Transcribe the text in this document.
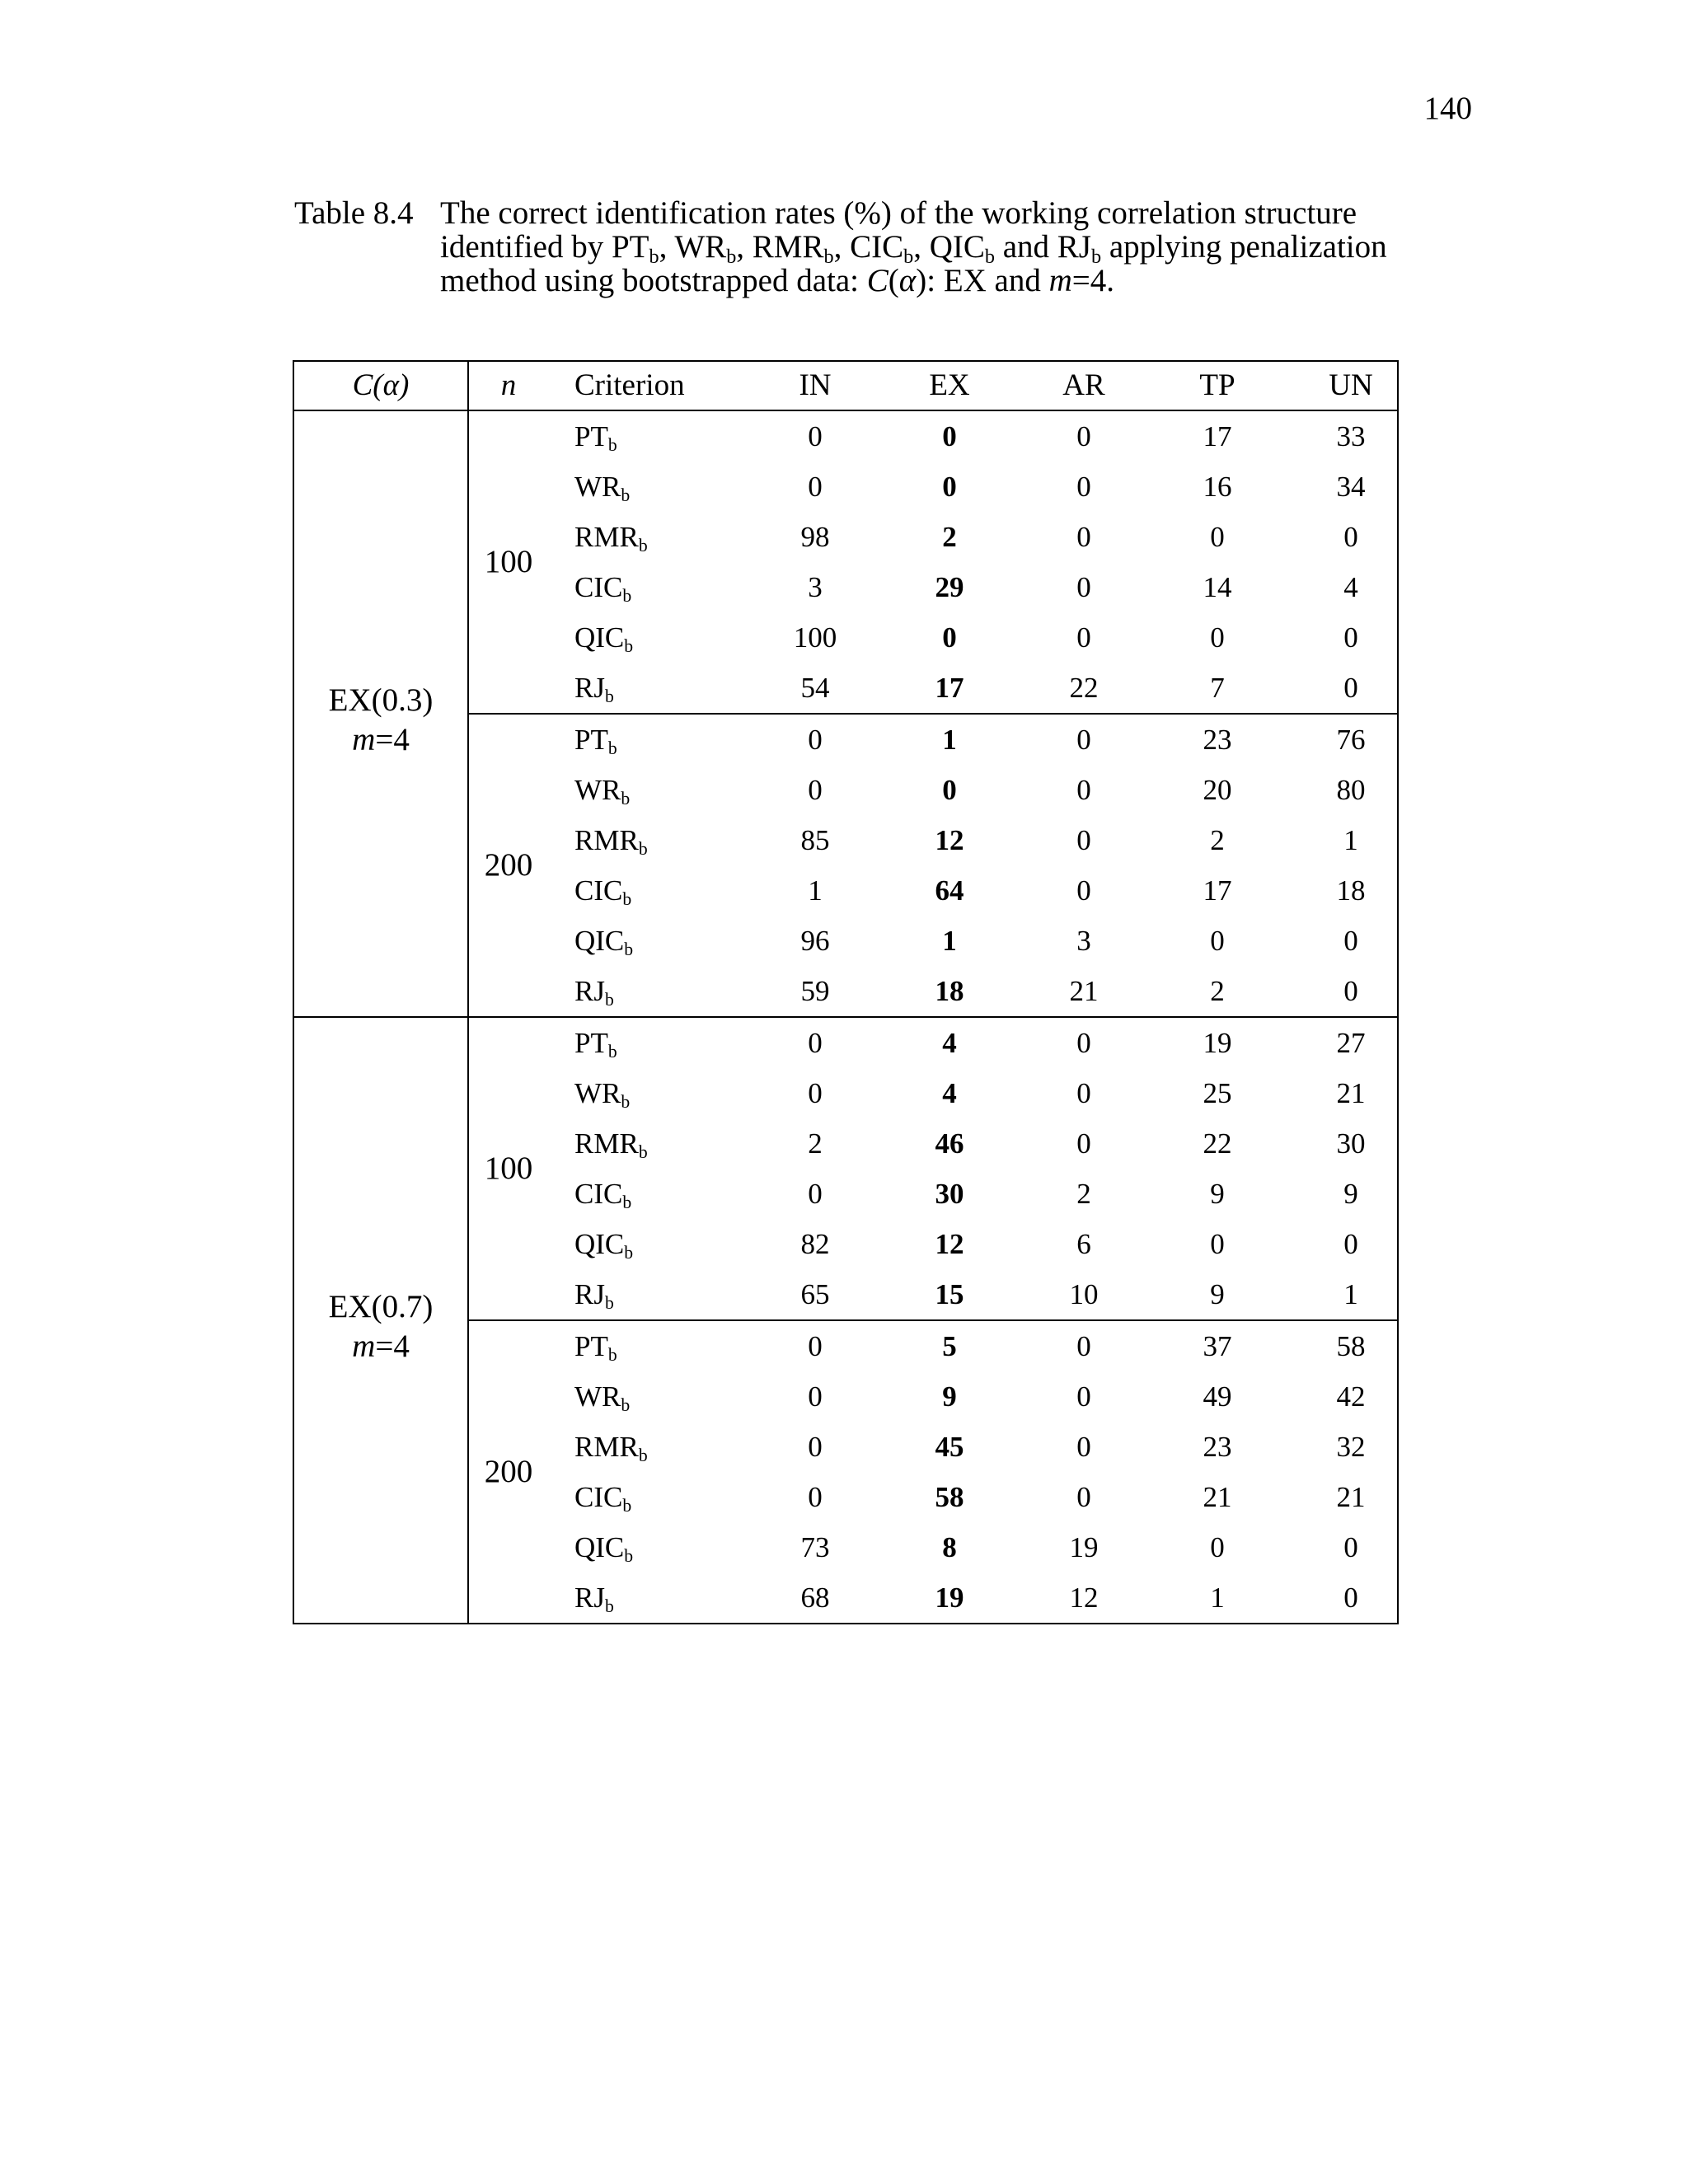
140
Table 8.4 The correct identification rates (%) of the working correlation structure
identified by $PT_b$, $WR_b$, $RMR_b$, $CIC_b$, $QIC_b$ and $RJ_b$ applying penalization
method using bootstrapped data: C(α): EX and m=4.
C(α)	n	Criterion	IN	EX	AR	TP	UN
EX(0.3)
m=4
100
$PT_b$	0	0	0	17	33
$WR_b$	0	0	0	16	34
$RMR_b$	98	2	0	0	0
$CIC_b$	3	29	0	14	4
$QIC_b$	100	0	0	0	0
$RJ_b$	54	17	22	7	0
200
$PT_b$	0	1	0	23	76
$WR_b$	0	0	0	20	80
$RMR_b$	85	12	0	2	1
$CIC_b$	1	64	0	17	18
$QIC_b$	96	1	3	0	0
$RJ_b$	59	18	21	2	0
EX(0.7)
m=4
100
$PT_b$	0	4	0	19	27
$WR_b$	0	4	0	25	21
$RMR_b$	2	46	0	22	30
$CIC_b$	0	30	2	9	9
$QIC_b$	82	12	6	0	0
$RJ_b$	65	15	10	9	1
200
$PT_b$	0	5	0	37	58
$WR_b$	0	9	0	49	42
$RMR_b$	0	45	0	23	32
$CIC_b$	0	58	0	21	21
$QIC_b$	73	8	19	0	0
$RJ_b$	68	19	12	1	0
